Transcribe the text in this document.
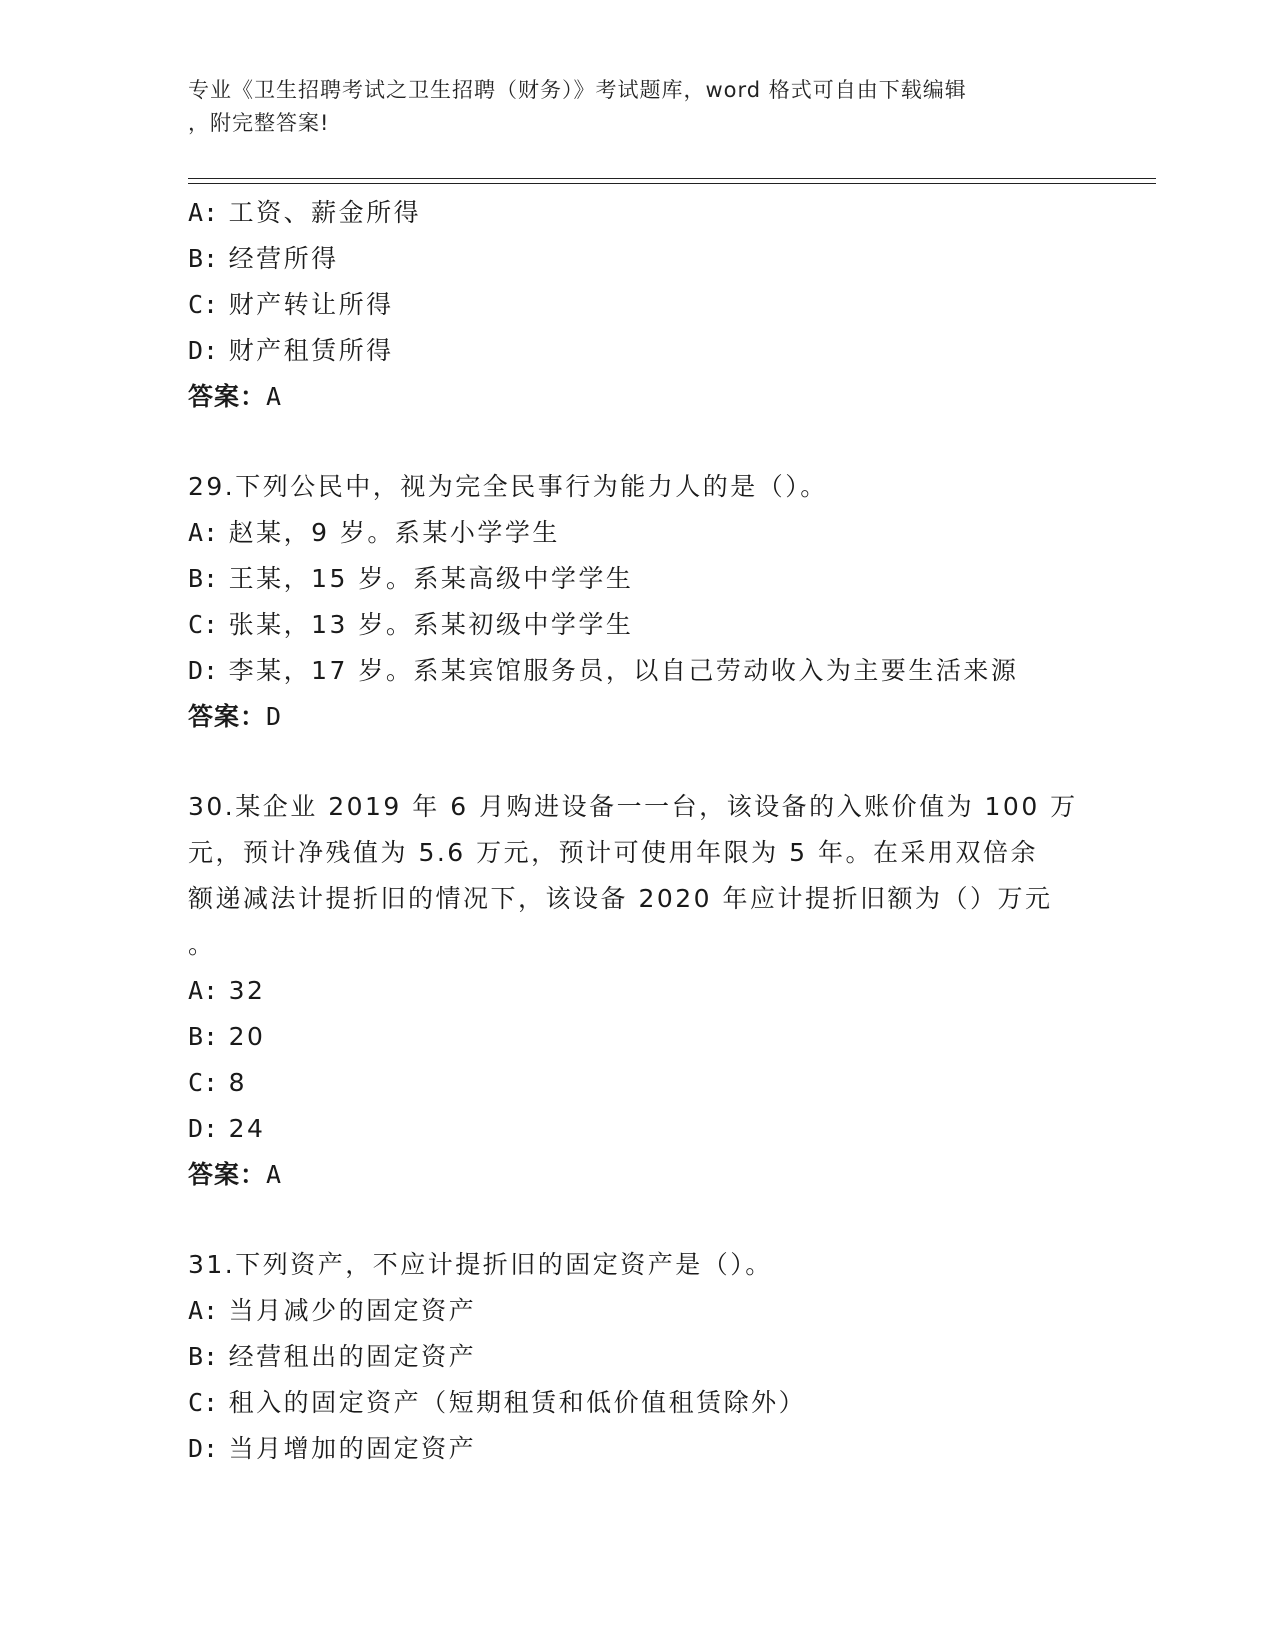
专业《卫生招聘考试之卫生招聘（财务）》考试题库，word 格式可自由下载编辑
，附完整答案!
A: 工资、薪金所得
B: 经营所得
C: 财产转让所得
D: 财产租赁所得
答案：A
29.下列公民中，视为完全民事行为能力人的是（）。
A: 赵某，9 岁。系某小学学生
B: 王某，15 岁。系某高级中学学生
C: 张某，13 岁。系某初级中学学生
D: 李某，17 岁。系某宾馆服务员，以自己劳动收入为主要生活来源
答案：D
30.某企业 2019 年 6 月购进设备一一台，该设备的入账价值为 100 万
元，预计净残值为 5.6 万元，预计可使用年限为 5 年。在采用双倍余
额递减法计提折旧的情况下，该设备 2020 年应计提折旧额为（）万元
。
A: 32
B: 20
C: 8
D: 24
答案：A
31.下列资产，不应计提折旧的固定资产是（）。
A: 当月减少的固定资产
B: 经营租出的固定资产
C: 租入的固定资产（短期租赁和低价值租赁除外）
D: 当月增加的固定资产
